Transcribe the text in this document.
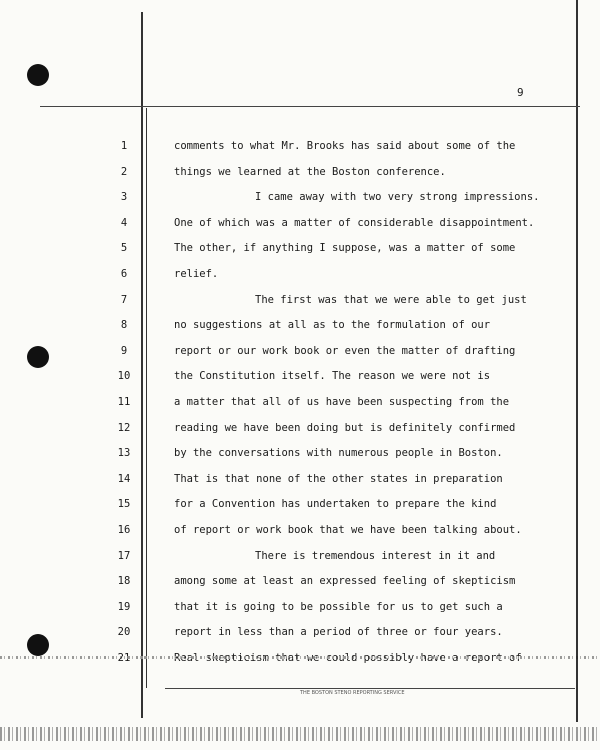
9
1	comments to what Mr. Brooks has said about some of the
2	things we learned at the Boston conference.
3	I came away with two very strong impressions.
4	One of which was a matter of considerable disappointment.
5	The other, if anything I suppose, was a matter of some
6	relief.
7	The first was that we were able to get just
8	no suggestions at all as to the formulation of our
9	report or our work book or even the matter of drafting
10	the Constitution itself. The reason we were not is
11	a matter that all of us have been suspecting from the
12	reading we have been doing but is definitely confirmed
13	by the conversations with numerous people in Boston.
14	That is that none of the other states in preparation
15	for a Convention has undertaken to prepare the kind
16	of report or work book that we have been talking about.
17	There is tremendous interest in it and
18	among some at least an expressed feeling of skepticism
19	that it is going to be possible for us to get such a
20	report in less than a period of three or four years.
21	Real skepticism that we could possibly have a report of
THE BOSTON STENO REPORTING SERVICE
